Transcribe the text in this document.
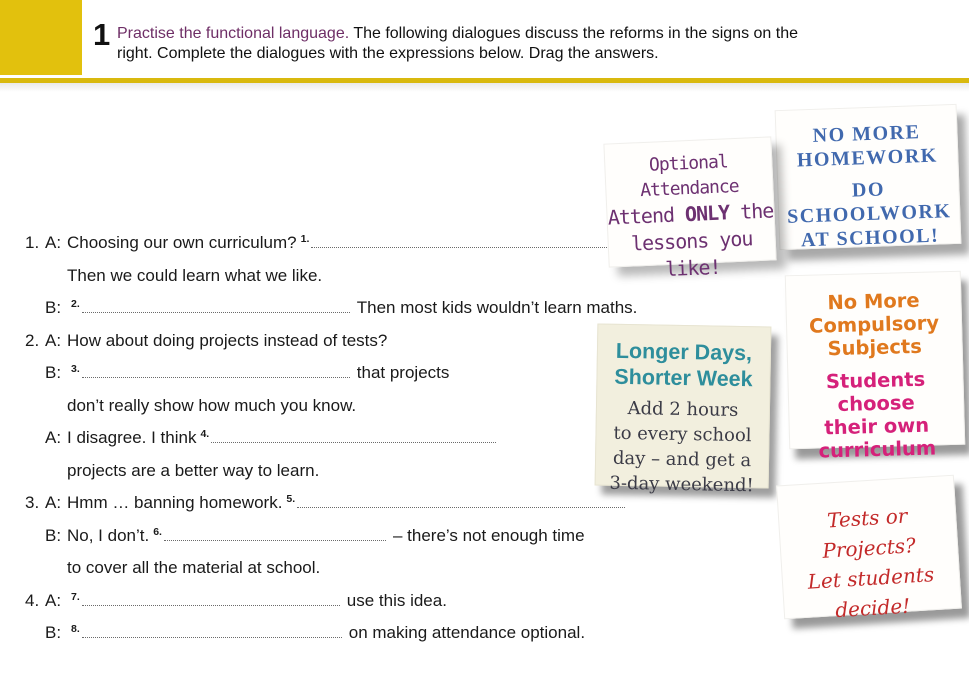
1 Practise the functional language. The following dialogues discuss the reforms in the signs on the
right. Complete the dialogues with the expressions below. Drag the answers.
1. A: Choosing our own curriculum? $^{1.}$
Then we could learn what we like.
B: $^{2.}$	Then most kids wouldn’t learn maths.
2. A: How about doing projects instead of tests?
B: $^{3.}$	that projects
don’t really show how much you know.
A: I disagree. I think $^{4.}$
projects are a better way to learn.
3. A: Hmm … banning homework. $^{5.}$
B: No, I don’t. $^{6.}$	– there’s not enough time
to cover all the material at school.
4. A: $^{7.}$	use this idea.
B: $^{8.}$	on making attendance optional.
NO MORE
HOMEWORK
DO
SCHOOLWORK
AT SCHOOL!
Optional
Attendance
Attend ONLY the
lessons you like!
Longer Days,
Shorter Week
Add 2 hours
to every school
day – and get a
3-day weekend!
No More
Compulsory
Subjects
Students choose
their own
curriculum
Tests or Projects?
Let students
decide!
